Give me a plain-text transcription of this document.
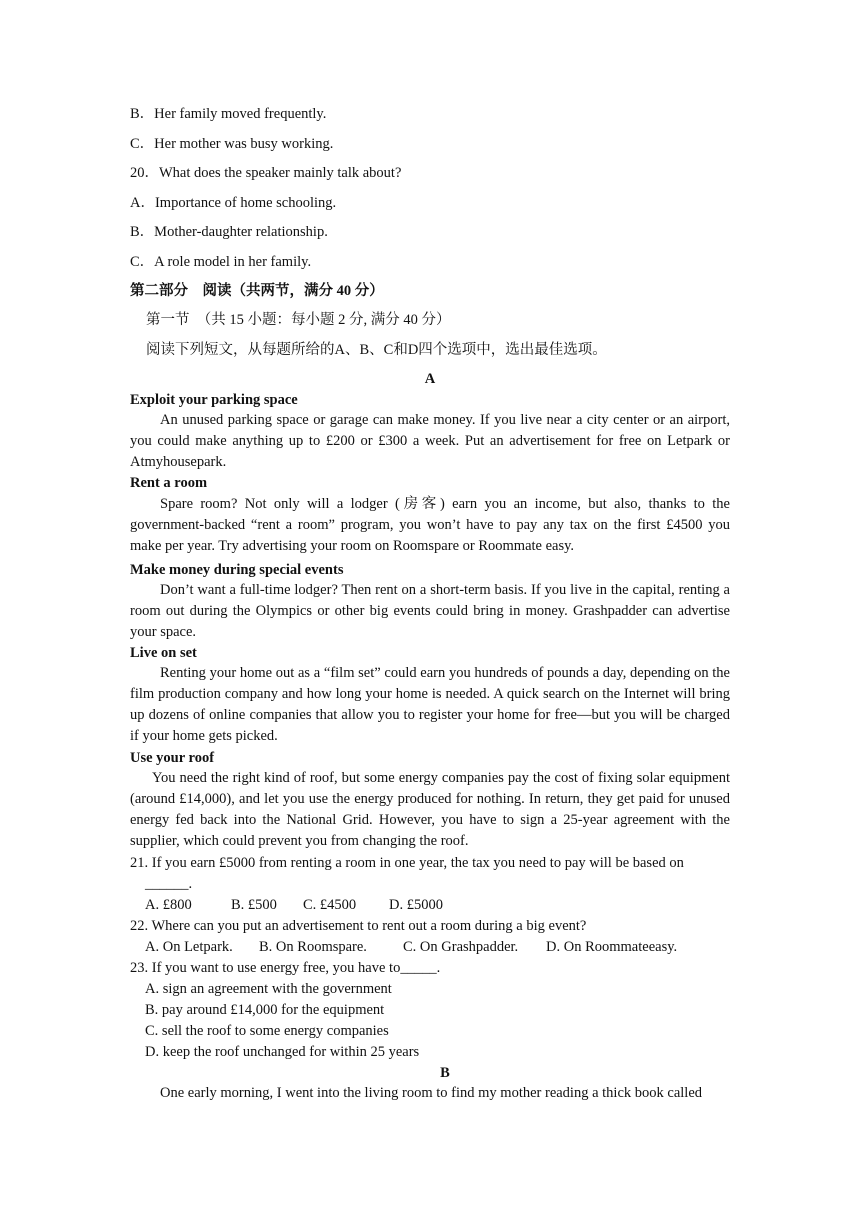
B．Her family moved frequently.
C．Her mother was busy working.
20．What does the speaker mainly talk about?
A．Importance of home schooling.
B．Mother-daughter relationship.
C．A role model in her family.
第二部分　阅读（共两节，满分 40 分）
第一节　（共 15 小题：每小题 2 分, 满分 40 分）
阅读下列短文，从每题所给的A、B、C和D四个选项中，选出最佳选项。
A
Exploit your parking space
An unused parking space or garage can make money. If you live near a city center or an airport, you could make anything up to £200 or £300 a week. Put an advertisement for free on Letpark or Atmyhousepark.
Rent a room
Spare room? Not only will a lodger (房客) earn you an income, but also, thanks to the government-backed “rent a room” program, you won’t have to pay any tax on the first £4500 you make per year. Try advertising your room on Roomspare or Roommate easy.
Make money during special events
Don’t want a full-time lodger? Then rent on a short-term basis. If you live in the capital, renting a room out during the Olympics or other big events could bring in money. Grashpadder can advertise your space.
Live on set
Renting your home out as a “film set” could earn you hundreds of pounds a day, depending on the film production company and how long your home is needed. A quick search on the Internet will bring up dozens of online companies that allow you to register your home for free—but you will be charged if your home gets picked.
Use your roof
You need the right kind of roof, but some energy companies pay the cost of fixing solar equipment (around £14,000), and let you use the energy produced for nothing. In return, they get paid for unused energy fed back into the National Grid. However, you have to sign a 25-year agreement with the supplier, which could prevent you from changing the roof.
21. If you earn £5000 from renting a room in one year, the tax you need to pay will be based on
______.
A. £800	B. £500 C. £4500 D. £5000
22. Where can you put an advertisement to rent out a room during a big event?
A. On Letpark. B. On Roomspare. C. On Grashpadder. D. On Roommateeasy.
23. If you want to use energy free, you have to_____.
A. sign an agreement with the government
B. pay around £14,000 for the equipment
C. sell the roof to some energy companies
D. keep the roof unchanged for within 25 years
B
One early morning, I went into the living room to find my mother reading a thick book called
